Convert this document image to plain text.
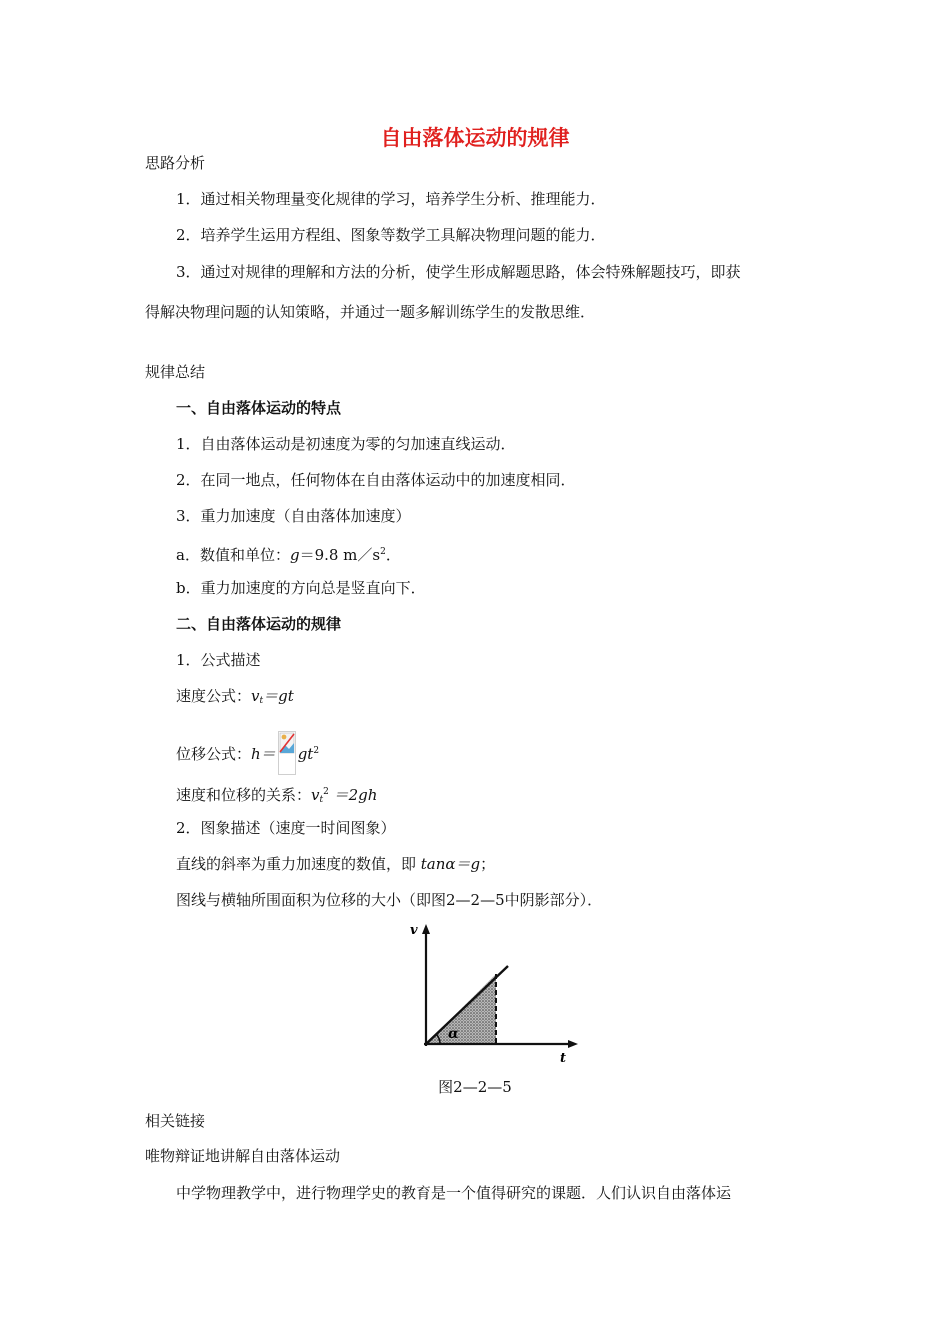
自由落体运动的规律
思路分析
1．通过相关物理量变化规律的学习，培养学生分析、推理能力．
2．培养学生运用方程组、图象等数学工具解决物理问题的能力．
3．通过对规律的理解和方法的分析，使学生形成解题思路，体会特殊解题技巧，即获
得解决物理问题的认知策略，并通过一题多解训练学生的发散思维．
规律总结
一、自由落体运动的特点
1．自由落体运动是初速度为零的匀加速直线运动．
2．在同一地点，任何物体在自由落体运动中的加速度相同．
3．重力加速度（自由落体加速度）
a．数值和单位：g＝9.8 $m/s^2$．
b．重力加速度的方向总是竖直向下．
二、自由落体运动的规律
1．公式描述
速度公式：$v_t=gt$
位移公式：$h= gt^2$
速度和位移的关系：$v_t^2 =2gh$
2．图象描述（速度一时间图象）
直线的斜率为重力加速度的数值，即 tanα＝g；
图线与横轴所围面积为位移的大小（即图2—2—5中阴影部分）．
v
t
α
图2—2—5
相关链接
唯物辩证地讲解自由落体运动
中学物理教学中，进行物理学史的教育是一个值得研究的课题．人们认识自由落体运
